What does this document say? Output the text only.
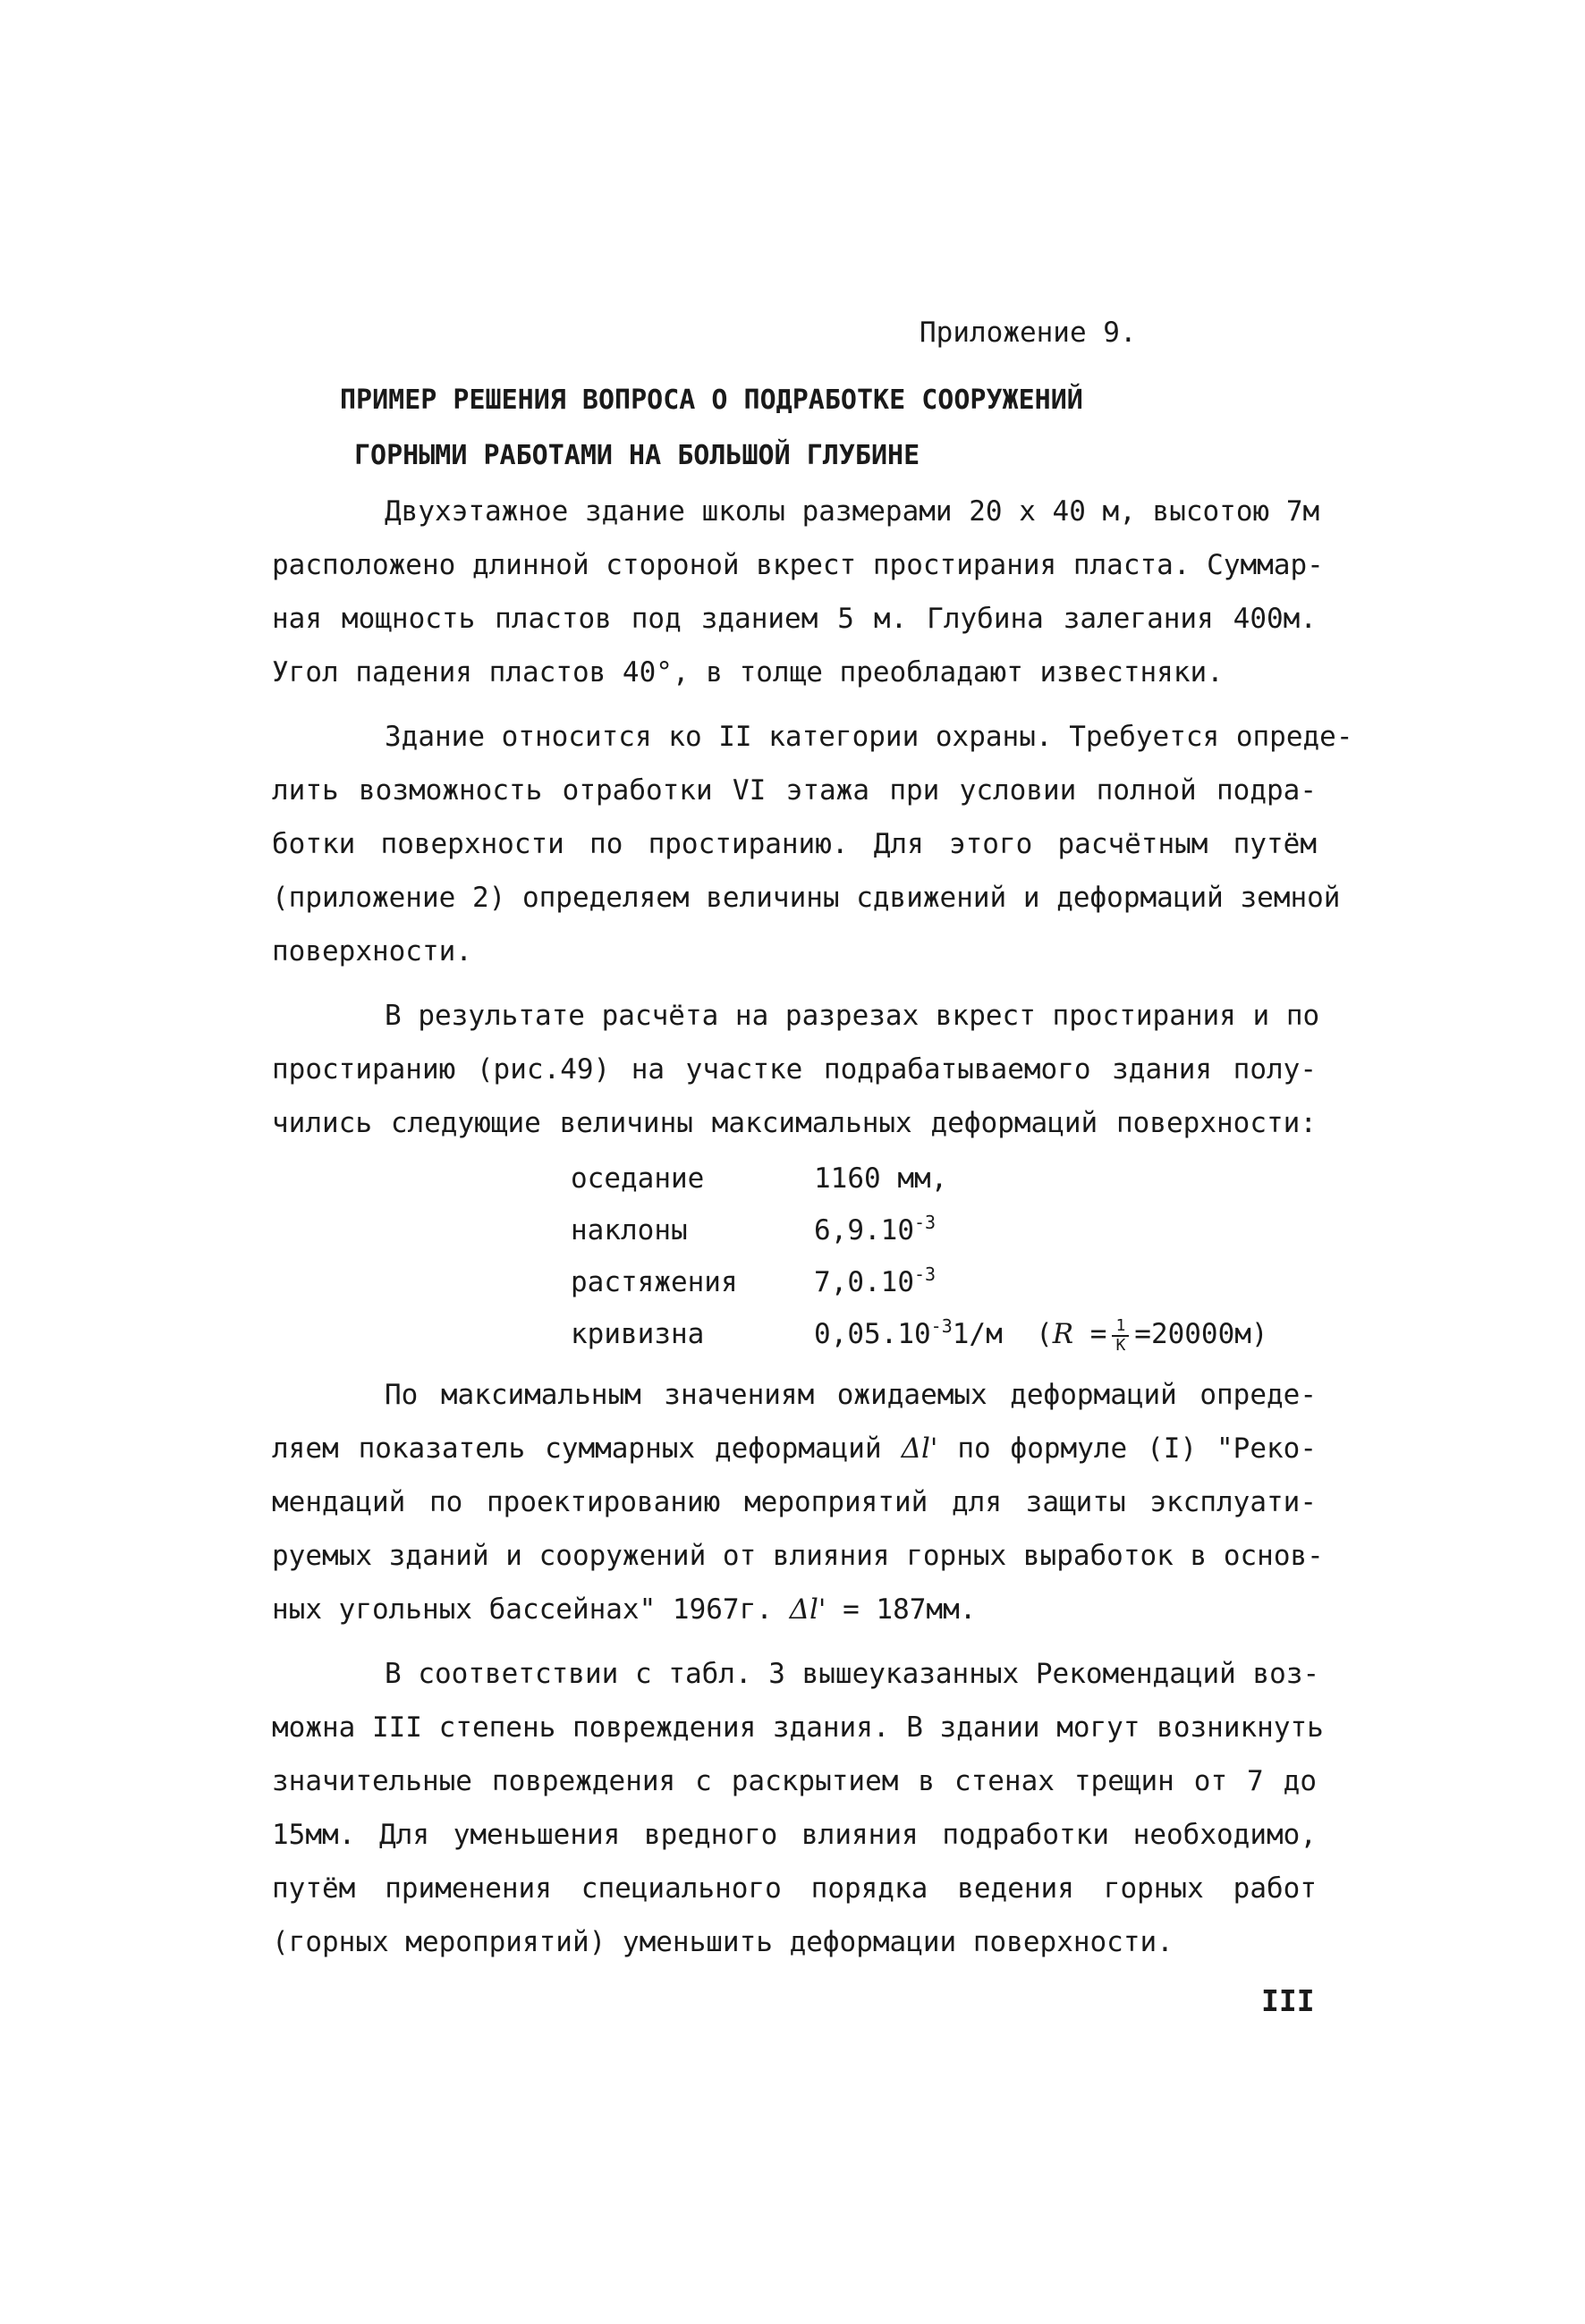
Приложение 9.
ПРИМЕР РЕШЕНИЯ ВОПРОСА О ПОДРАБОТКЕ СООРУЖЕНИЙ
ГОРНЫМИ РАБОТАМИ НА БОЛЬШОЙ ГЛУБИНЕ
Двухэтажное здание школы размерами 20 х 40 м, высотою 7м
расположено длинной стороной вкрест простирания пласта. Суммар-
ная мощность пластов под зданием 5 м. Глубина залегания 400м.
Угол падения пластов 40°, в толще преобладают известняки.
Здание относится ко II категории охраны. Требуется опреде-
лить возможность отработки VI этажа при условии полной подра-
ботки поверхности по простиранию. Для этого расчётным путём
(приложение 2) определяем величины сдвижений и деформаций земной
поверхности.
В результате расчёта на разрезах вкрест простирания и по
простиранию (рис.49) на участке подрабатываемого здания полу-
чились следующие величины максимальных деформаций поверхности:
оседание	1160 мм,
наклоны	$6,9.10^{-3}$
растяжения	$7,0.10^{-3}$
кривизна	$0,05.10^{-3}1/м$  $(R = \frac{1}{K} =20000м)$
По максимальным значениям ожидаемых деформаций опреде-
ляем показатель суммарных деформаций Δl' по формуле (I) "Реко-
мендаций по проектированию мероприятий для защиты эксплуати-
руемых зданий и сооружений от влияния горных выработок в основ-
ных угольных бассейнах" 1967г. Δl' = 187мм.
В соответствии с табл. 3 вышеуказанных Рекомендаций воз-
можна III степень повреждения здания. В здании могут возникнуть
значительные повреждения с раскрытием в стенах трещин от 7 до
15мм. Для уменьшения вредного влияния подработки необходимо,
путём применения специального порядка ведения горных работ
(горных мероприятий) уменьшить деформации поверхности.
III
